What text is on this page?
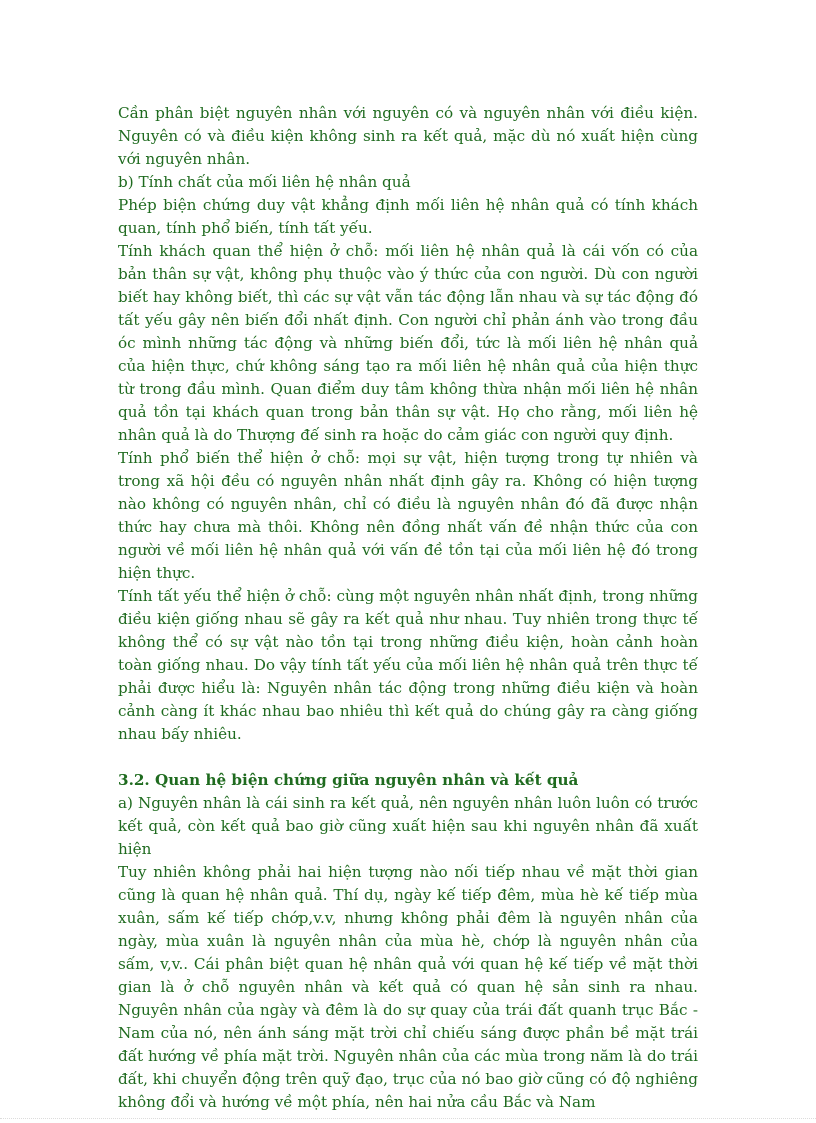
Cần phân biệt nguyên nhân với nguyên có và nguyên nhân với điều kiện. Nguyên có và điều kiện không sinh ra kết quả, mặc dù nó xuất hiện cùng với nguyên nhân.

b) Tính chất của mối liên hệ nhân quả

Phép biện chứng duy vật khẳng định mối liên hệ nhân quả có tính khách quan, tính phổ biến, tính tất yếu.

Tính khách quan thể hiện ở chỗ: mối liên hệ nhân quả là cái vốn có của bản thân sự vật, không phụ thuộc vào ý thức của con người. Dù con người biết hay không biết, thì các sự vật vẫn tác động lẫn nhau và sự tác động đó tất yếu gây nên biến đổi nhất định. Con người chỉ phản ánh vào trong đầu óc mình những tác động và những biến đổi, tức là mối liên hệ nhân quả của hiện thực, chứ không sáng tạo ra mối liên hệ nhân quả của hiện thực từ trong đầu mình. Quan điểm duy tâm không thừa nhận mối liên hệ nhân quả tồn tại khách quan trong bản thân sự vật. Họ cho rằng, mối liên hệ nhân quả là do Thượng đế sinh ra hoặc do cảm giác con người quy định.

Tính phổ biến thể hiện ở chỗ: mọi sự vật, hiện tượng trong tự nhiên và trong xã hội đều có nguyên nhân nhất định gây ra. Không có hiện tượng nào không có nguyên nhân, chỉ có điều là nguyên nhân đó đã được nhận thức hay chưa mà thôi. Không nên đồng nhất vấn đề nhận thức của con người về mối liên hệ nhân quả với vấn đề tồn tại của mối liên hệ đó trong hiện thực.

Tính tất yếu thể hiện ở chỗ: cùng một nguyên nhân nhất định, trong những điều kiện giống nhau sẽ gây ra kết quả như nhau. Tuy nhiên trong thực tế không thể có sự vật nào tồn tại trong những điều kiện, hoàn cảnh hoàn toàn giống nhau. Do vậy tính tất yếu của mối liên hệ nhân quả trên thực tế phải được hiểu là: Nguyên nhân tác động trong những điều kiện và hoàn cảnh càng ít khác nhau bao nhiêu thì kết quả do chúng gây ra càng giống nhau bấy nhiêu.

3.2. Quan hệ biện chứng giữa nguyên nhân và kết quả

a) Nguyên nhân là cái sinh ra kết quả, nên nguyên nhân luôn luôn có trước kết quả, còn kết quả bao giờ cũng xuất hiện sau khi nguyên nhân đã xuất hiện

Tuy nhiên không phải hai hiện tượng nào nối tiếp nhau về mặt thời gian cũng là quan hệ nhân quả. Thí dụ, ngày kế tiếp đêm, mùa hè kế tiếp mùa xuân, sấm kế tiếp chớp,v.v, nhưng không phải đêm là nguyên nhân của ngày, mùa xuân là nguyên nhân của mùa hè, chớp là nguyên nhân của sấm, v,v.. Cái phân biệt quan hệ nhân quả với quan hệ kế tiếp về mặt thời gian là ở chỗ nguyên nhân và kết quả có quan hệ sản sinh ra nhau. Nguyên nhân của ngày và đêm là do sự quay của trái đất quanh trục Bắc - Nam của nó, nên ánh sáng mặt trời chỉ chiếu sáng được phần bề mặt trái đất hướng về phía mặt trời. Nguyên nhân của các mùa trong năm là do trái đất, khi chuyển động trên quỹ đạo, trục của nó bao giờ cũng có độ nghiêng không đổi và hướng về một phía, nên hai nửa cầu Bắc và Nam
